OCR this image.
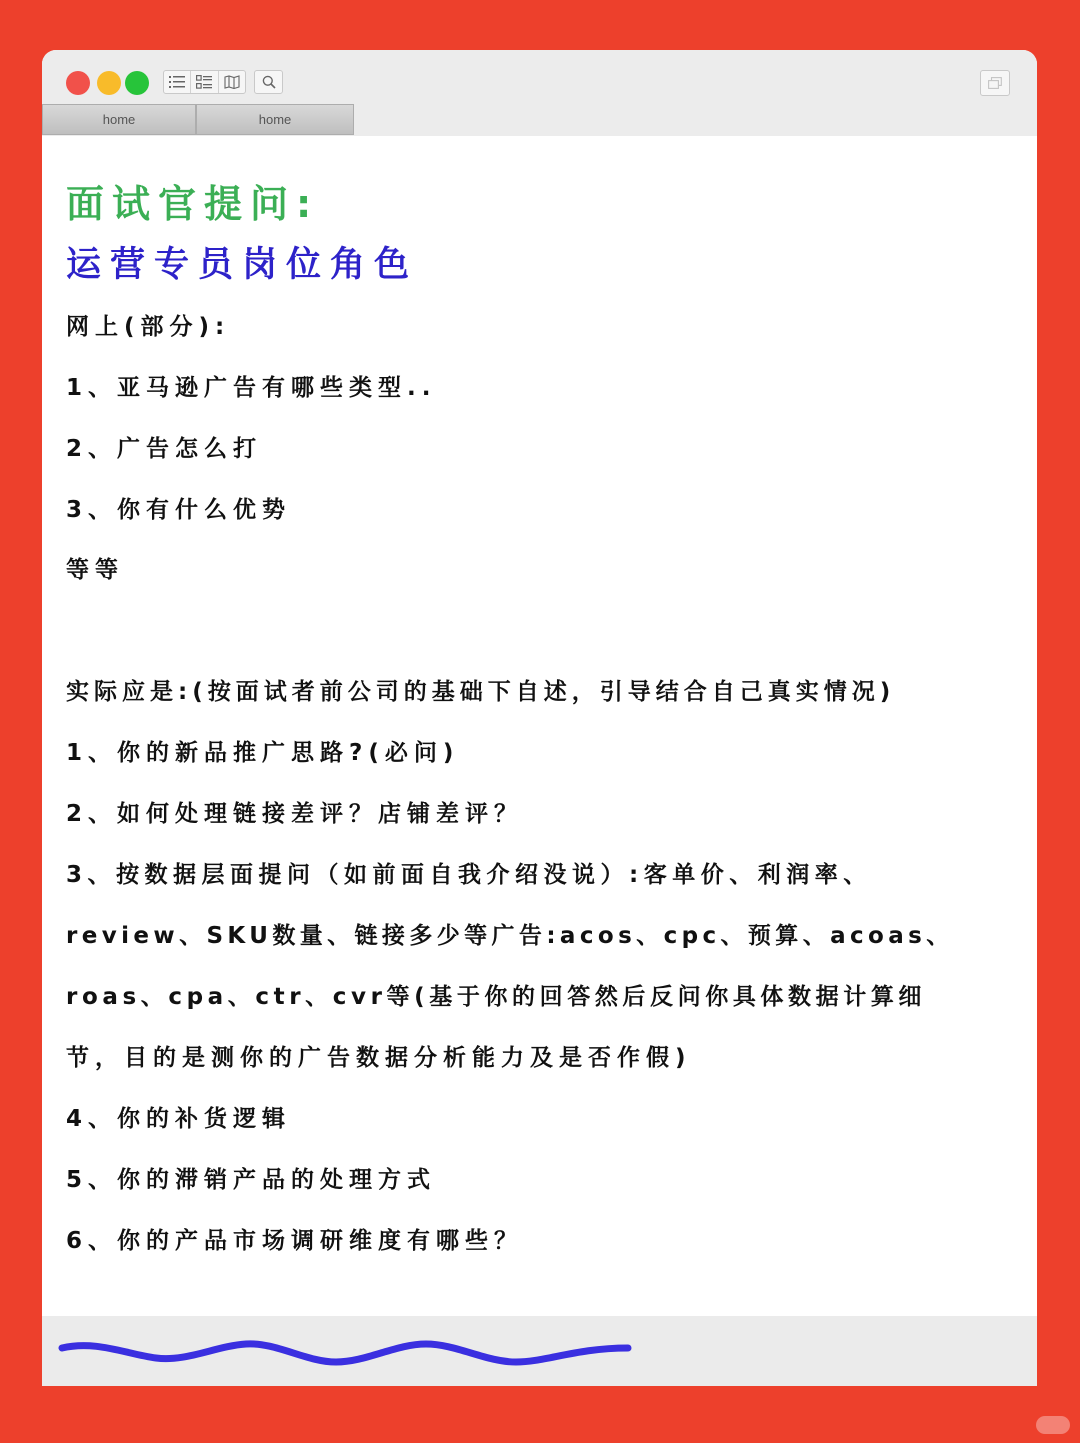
home	home
面试官提问:
运营专员岗位角色
网上(部分):
1、亚马逊广告有哪些类型..
2、广告怎么打
3、你有什么优势
等等
实际应是:(按面试者前公司的基础下自述，引导结合自己真实情况)
1、你的新品推广思路?(必问)
2、如何处理链接差评？店铺差评？
3、按数据层面提问（如前面自我介绍没说）:客单价、利润率、
review、SKU数量、链接多少等广告:acos、cpc、预算、acoas、
roas、cpa、ctr、cvr等(基于你的回答然后反问你具体数据计算细
节，目的是测你的广告数据分析能力及是否作假)
4、你的补货逻辑
5、你的滞销产品的处理方式
6、你的产品市场调研维度有哪些？
